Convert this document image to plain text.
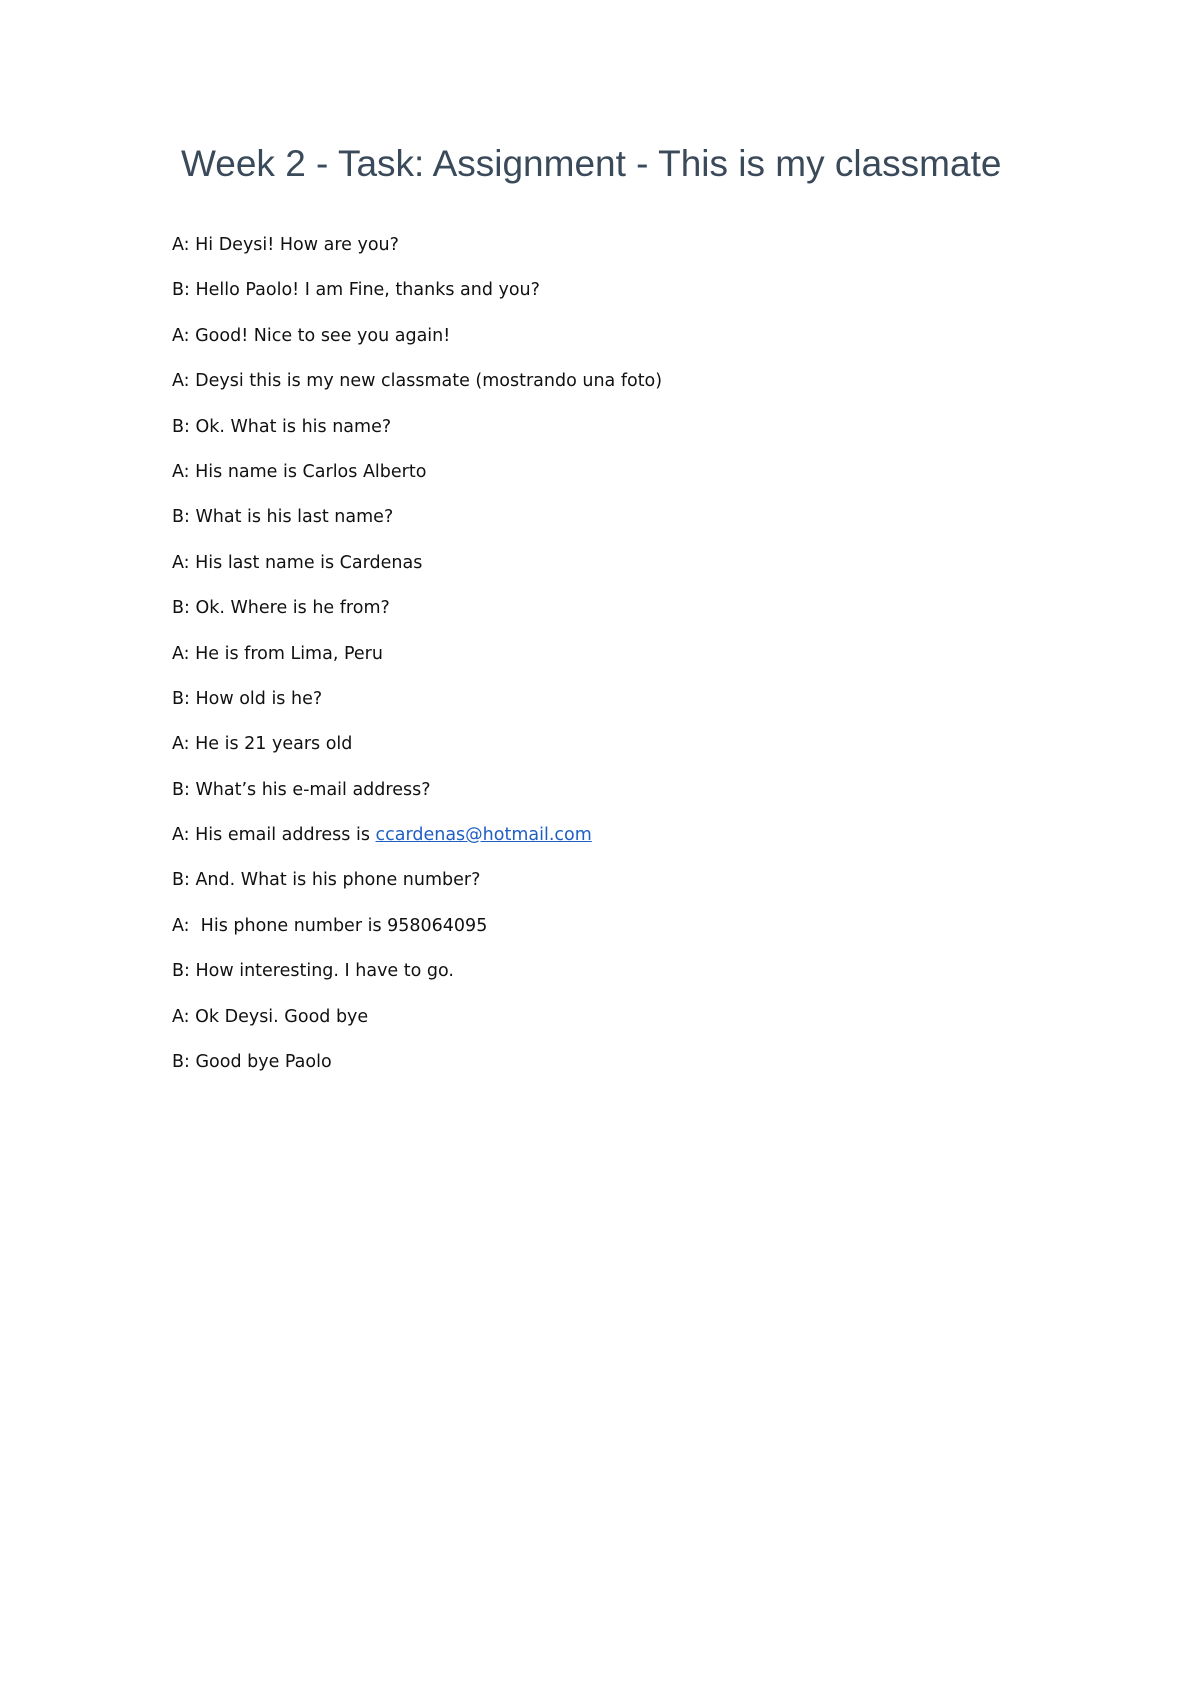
Week 2 - Task: Assignment - This is my classmate
A: Hi Deysi! How are you?
B: Hello Paolo! I am Fine, thanks and you?
A: Good! Nice to see you again!
A: Deysi this is my new classmate (mostrando una foto)
B: Ok. What is his name?
A: His name is Carlos Alberto
B: What is his last name?
A: His last name is Cardenas
B: Ok. Where is he from?
A: He is from Lima, Peru
B: How old is he?
A: He is 21 years old
B: What’s his e-mail address?
A: His email address is ccardenas@hotmail.com
B: And. What is his phone number?
A:  His phone number is 958064095
B: How interesting. I have to go.
A: Ok Deysi. Good bye
B: Good bye Paolo
